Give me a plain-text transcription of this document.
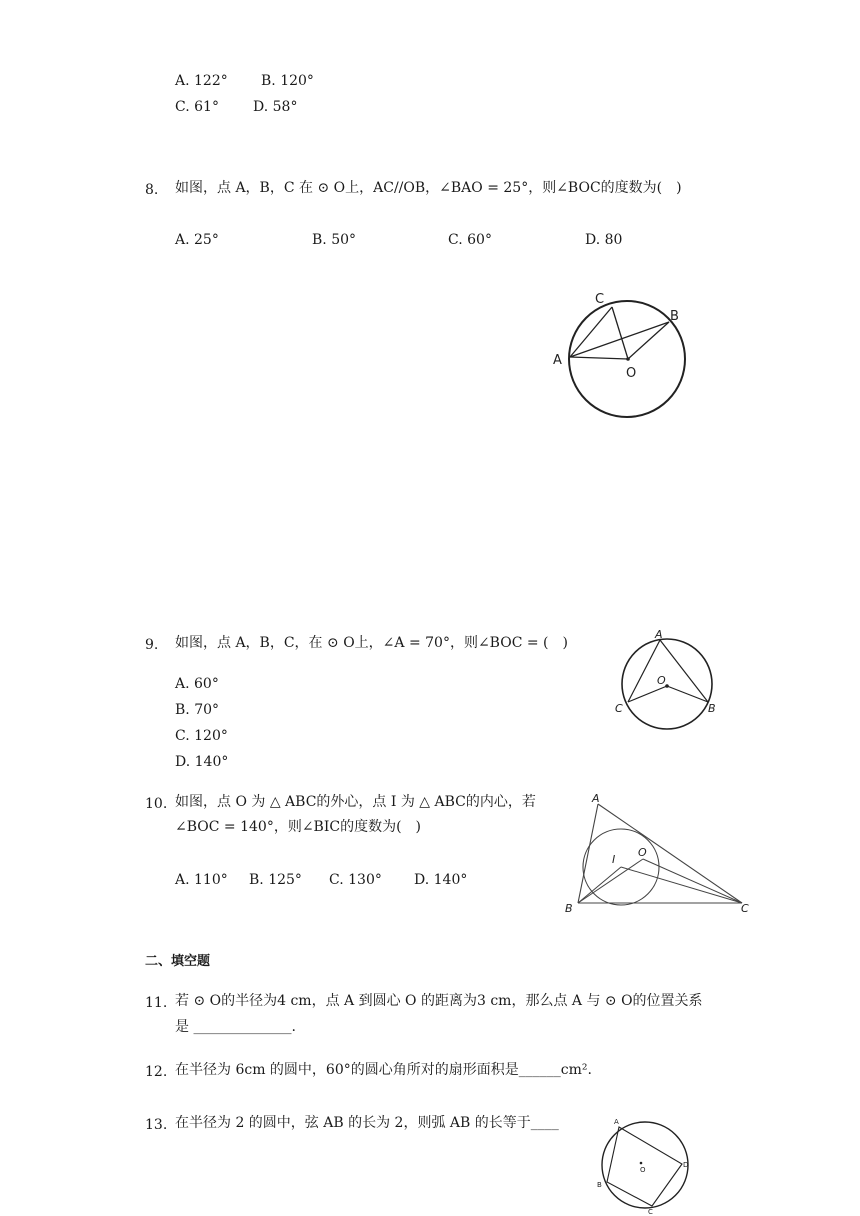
A. 122° B. 120°
C. 61° D. 58°
8. 如图，点 A，B，C 在 ⊙ O上，AC//OB，∠BAO = 25°，则∠BOC的度数为(　)
A. 25°	B. 50°	C. 60°	D. 80
C
B
A
O
9. 如图，点 A，B，C，在 ⊙ O上，∠A = 70°，则∠BOC = (　)
A. 60°
B. 70°
C. 120°
D. 140°
A
O
C	B
10. 如图，点 O 为 △ ABC的外心，点 I 为 △ ABC的内心，若
∠BOC = 140°，则∠BIC的度数为(　)
A. 110° B. 125° C. 130° D. 140°
A
I
O
B	C
二、填空题
11. 若 ⊙ O的半径为4 cm，点 A 到圆心 O 的距离为3 cm，那么点 A 与 ⊙ O的位置关系
是 ______________.
12. 在半径为 6cm 的圆中，60°的圆心角所对的扇形面积是______cm².
13. 在半径为 2 的圆中，弦 AB 的长为 2，则弧 AB 的长等于____	A
O
D
B
C
